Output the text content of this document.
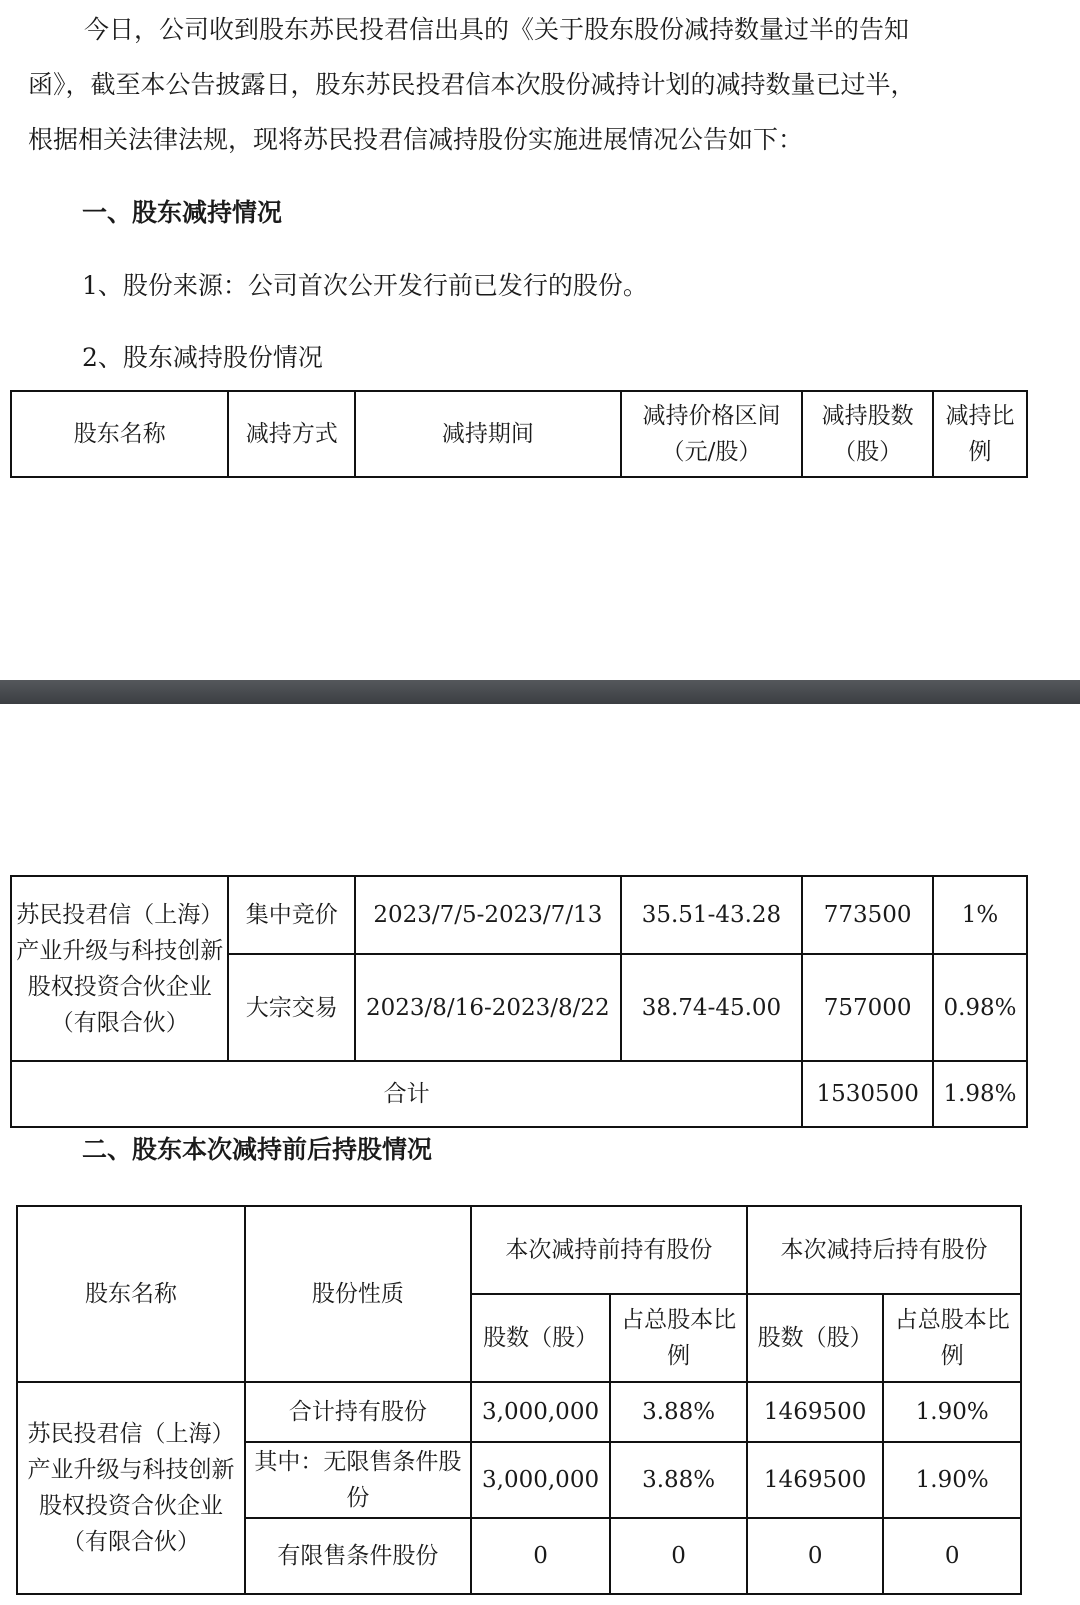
今日，公司收到股东苏民投君信出具的《关于股东股份减持数量过半的告知
函》，截至本公告披露日，股东苏民投君信本次股份减持计划的减持数量已过半，
根据相关法律法规，现将苏民投君信减持股份实施进展情况公告如下：

一、股东减持情况

1、股份来源：公司首次公开发行前已发行的股份。

2、股东减持股份情况

股东名称	减持方式	减持期间	减持价格区间（元/股）	减持股数（股）	减持比例
苏民投君信（上海）产业升级与科技创新股权投资合伙企业（有限合伙）	集中竞价	2023/7/5-2023/7/13	35.51-43.28	773500	1%
	大宗交易	2023/8/16-2023/8/22	38.74-45.00	757000	0.98%
合计				1530500	1.98%

二、股东本次减持前后持股情况

股东名称	股份性质	本次减持前持有股份		本次减持后持有股份	
		股数（股）	占总股本比例	股数（股）	占总股本比例
苏民投君信（上海）产业升级与科技创新股权投资合伙企业（有限合伙）	合计持有股份	3,000,000	3.88%	1469500	1.90%
	其中：无限售条件股份	3,000,000	3.88%	1469500	1.90%
	有限售条件股份	0	0	0	0
